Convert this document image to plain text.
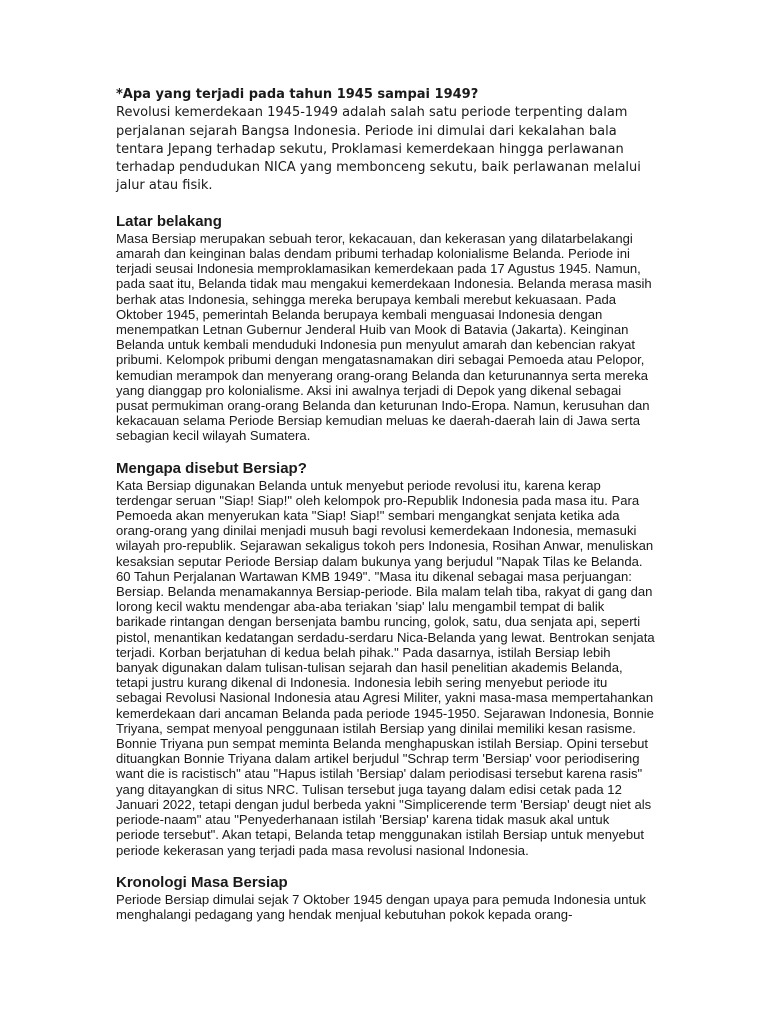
*Apa yang terjadi pada tahun 1945 sampai 1949?
Revolusi kemerdekaan 1945-1949 adalah salah satu periode terpenting dalam perjalanan sejarah Bangsa Indonesia. Periode ini dimulai dari kekalahan bala tentara Jepang terhadap sekutu, Proklamasi kemerdekaan hingga perlawanan terhadap pendudukan NICA yang membonceng sekutu, baik perlawanan melalui jalur atau fisik.

Latar belakang

Masa Bersiap merupakan sebuah teror, kekacauan, dan kekerasan yang dilatarbelakangi amarah dan keinginan balas dendam pribumi terhadap kolonialisme Belanda. Periode ini terjadi seusai Indonesia memproklamasikan kemerdekaan pada 17 Agustus 1945. Namun, pada saat itu, Belanda tidak mau mengakui kemerdekaan Indonesia. Belanda merasa masih berhak atas Indonesia, sehingga mereka berupaya kembali merebut kekuasaan. Pada Oktober 1945, pemerintah Belanda berupaya kembali menguasai Indonesia dengan menempatkan Letnan Gubernur Jenderal Huib van Mook di Batavia (Jakarta). Keinginan Belanda untuk kembali menduduki Indonesia pun menyulut amarah dan kebencian rakyat pribumi. Kelompok pribumi dengan mengatasnamakan diri sebagai Pemoeda atau Pelopor, kemudian merampok dan menyerang orang-orang Belanda dan keturunannya serta mereka yang dianggap pro kolonialisme. Aksi ini awalnya terjadi di Depok yang dikenal sebagai pusat permukiman orang-orang Belanda dan keturunan Indo-Eropa. Namun, kerusuhan dan kekacauan selama Periode Bersiap kemudian meluas ke daerah-daerah lain di Jawa serta sebagian kecil wilayah Sumatera.

Mengapa disebut Bersiap?

Kata Bersiap digunakan Belanda untuk menyebut periode revolusi itu, karena kerap terdengar seruan "Siap! Siap!" oleh kelompok pro-Republik Indonesia pada masa itu. Para Pemoeda akan menyerukan kata "Siap! Siap!" sembari mengangkat senjata ketika ada orang-orang yang dinilai menjadi musuh bagi revolusi kemerdekaan Indonesia, memasuki wilayah pro-republik. Sejarawan sekaligus tokoh pers Indonesia, Rosihan Anwar, menuliskan kesaksian seputar Periode Bersiap dalam bukunya yang berjudul "Napak Tilas ke Belanda. 60 Tahun Perjalanan Wartawan KMB 1949". "Masa itu dikenal sebagai masa perjuangan: Bersiap. Belanda menamakannya Bersiap-periode. Bila malam telah tiba, rakyat di gang dan lorong kecil waktu mendengar aba-aba teriakan 'siap' lalu mengambil tempat di balik barikade rintangan dengan bersenjata bambu runcing, golok, satu, dua senjata api, seperti pistol, menantikan kedatangan serdadu-serdaru Nica-Belanda yang lewat. Bentrokan senjata terjadi. Korban berjatuhan di kedua belah pihak." Pada dasarnya, istilah Bersiap lebih banyak digunakan dalam tulisan-tulisan sejarah dan hasil penelitian akademis Belanda, tetapi justru kurang dikenal di Indonesia. Indonesia lebih sering menyebut periode itu sebagai Revolusi Nasional Indonesia atau Agresi Militer, yakni masa-masa mempertahankan kemerdekaan dari ancaman Belanda pada periode 1945-1950. Sejarawan Indonesia, Bonnie Triyana, sempat menyoal penggunaan istilah Bersiap yang dinilai memiliki kesan rasisme. Bonnie Triyana pun sempat meminta Belanda menghapuskan istilah Bersiap. Opini tersebut dituangkan Bonnie Triyana dalam artikel berjudul "Schrap term 'Bersiap' voor periodisering want die is racistisch" atau "Hapus istilah 'Bersiap' dalam periodisasi tersebut karena rasis" yang ditayangkan di situs NRC. Tulisan tersebut juga tayang dalam edisi cetak pada 12 Januari 2022, tetapi dengan judul berbeda yakni "Simplicerende term 'Bersiap' deugt niet als periode-naam" atau "Penyederhanaan istilah 'Bersiap' karena tidak masuk akal untuk periode tersebut". Akan tetapi, Belanda tetap menggunakan istilah Bersiap untuk menyebut periode kekerasan yang terjadi pada masa revolusi nasional Indonesia.

Kronologi Masa Bersiap

Periode Bersiap dimulai sejak 7 Oktober 1945 dengan upaya para pemuda Indonesia untuk menghalangi pedagang yang hendak menjual kebutuhan pokok kepada orang-
